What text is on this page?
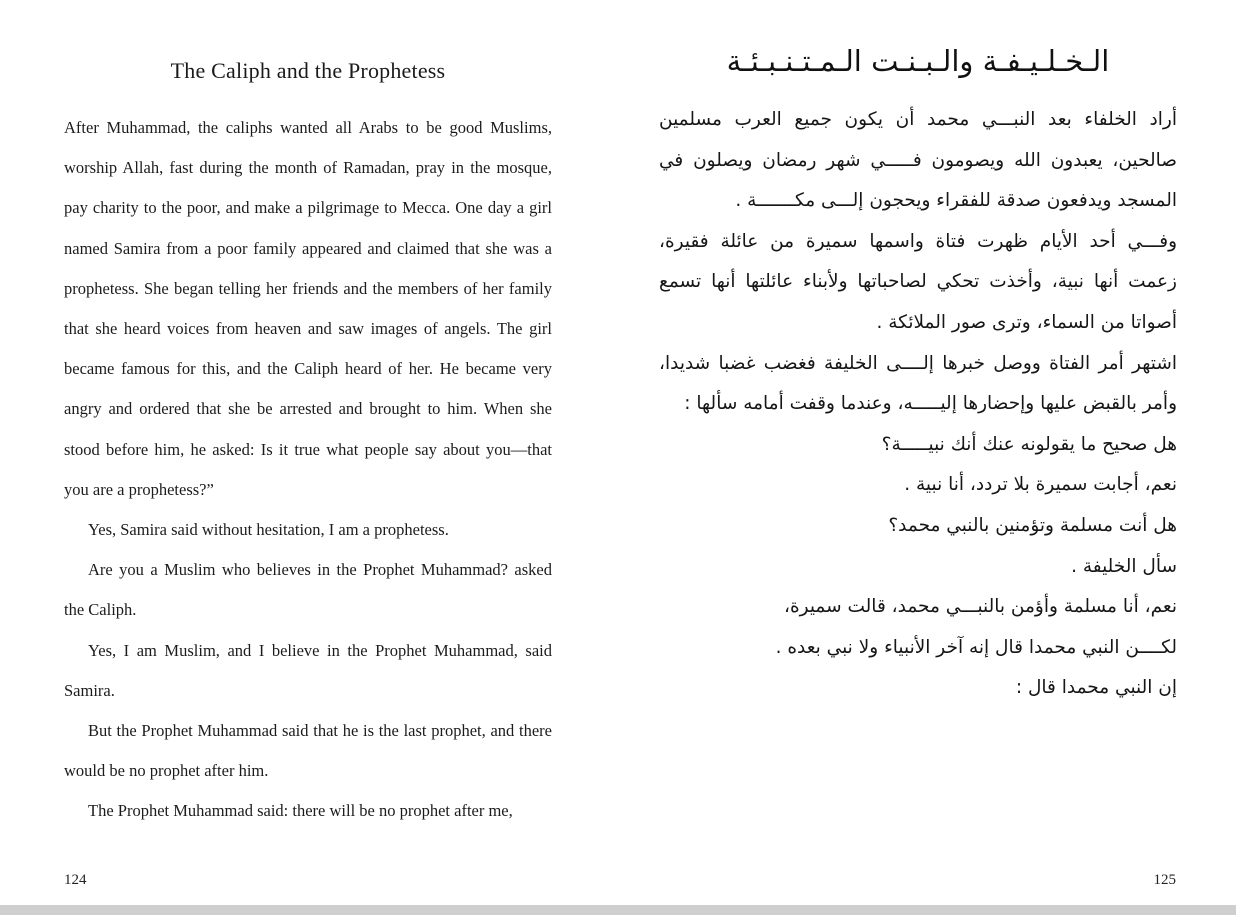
The Caliph and the Prophetess

After Muhammad, the caliphs wanted all Arabs to be good Muslims, worship Allah, fast during the month of Ramadan, pray in the mosque, pay charity to the poor, and make a pilgrimage to Mecca. One day a girl named Samira from a poor family appeared and claimed that she was a prophetess. She began telling her friends and the members of her family that she heard voices from heaven and saw images of angels. The girl became famous for this, and the Caliph heard of her. He became very angry and ordered that she be arrested and brought to him. When she stood before him, he asked: Is it true what people say about you—that you are a prophetess?”

Yes, Samira said without hesitation, I am a prophetess.

Are you a Muslim who believes in the Prophet Muhammad? asked the Caliph.

Yes, I am Muslim, and I believe in the Prophet Muhammad, said Samira.

But the Prophet Muhammad said that he is the last prophet, and there would be no prophet after him.

The Prophet Muhammad said: there will be no prophet after me,

الـخـلـيـفـة والـبـنـت الـمـتـنـبـئـة

أراد الخلفاء بعد النبـــي محمد أن يكون جميع العرب مسلمين صالحين، يعبدون الله ويصومون فـــــي شهر رمضان ويصلون في المسجد ويدفعون صدقة للفقراء ويحجون إلـــى مكـــــــة .

وفـــي أحد الأيام ظهرت فتاة واسمها سميرة من عائلة فقيرة، زعمت أنها نبية، وأخذت تحكي لصاحباتها ولأبناء عائلتها أنها تسمع أصواتا من السماء، وترى صور الملائكة .

اشتهر أمر الفتاة ووصل خبرها إلــــى الخليفة فغضب غضبا شديدا، وأمر بالقبض عليها وإحضارها إليـــــه، وعندما وقفت أمامه سألها :

هل صحيح ما يقولونه عنك أنك نبيـــــة؟

نعم، أجابت سميرة بلا تردد، أنا نبية .

هل أنت مسلمة وتؤمنين بالنبي محمد؟

سأل الخليفة .

نعم، أنا مسلمة وأؤمن بالنبـــي محمد، قالت سميرة،

لكــــن النبي محمدا قال إنه آخر الأنبياء ولا نبي بعده .

إن النبي محمدا قال :

124	125
